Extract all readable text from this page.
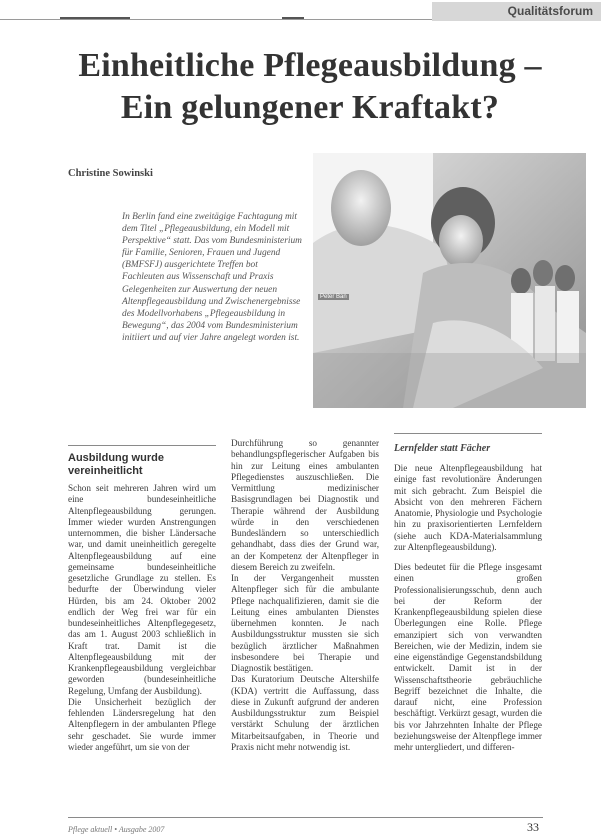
Qualitätsforum
Einheitliche Pflegeausbildung –
Ein gelungener Kraftakt?
Christine Sowinski
In Berlin fand eine zweitägige Fachtagung mit dem Titel „Pflegeausbildung, ein Modell mit Perspektive“ statt. Das vom Bundesministerium für Familie, Senioren, Frauen und Jugend (BMFSFJ) ausgerichtete Treffen bot Fachleuten aus Wissenschaft und Praxis Gelegenheiten zur Auswertung der neuen Altenpflegeausbildung und Zwischenergebnisse des Modellvorhabens „Pflegeausbildung in Bewegung“, das 2004 vom Bundesministerium initiiert und auf vier Jahre angelegt worden ist.
Peter Ban
Ausbildung wurde vereinheitlicht

Schon seit mehreren Jahren wird um eine bundeseinheitliche Altenpflegeausbildung gerungen. Immer wieder wurden Anstrengungen unternommen, die bisher Ländersache war, und damit uneinheitlich geregelte Altenpflegeausbildung auf eine gemeinsame bundeseinheitliche gesetzliche Grundlage zu stellen. Es bedurfte der Überwindung vieler Hürden, bis am 24. Oktober 2002 endlich der Weg frei war für ein bundeseinheitliches Altenpflegegesetz, das am 1. August 2003 schließlich in Kraft trat. Damit ist die Altenpflegeausbildung mit der Krankenpflegeausbildung vergleichbar geworden (bundeseinheitliche Regelung, Umfang der Ausbildung).

Die Unsicherheit bezüglich der fehlenden Ländersregelung hat den Altenpflegern in der ambulanten Pflege sehr geschadet. Sie wurde immer wieder angeführt, um sie von der

Durchführung so genannter behandlungspflegerischer Aufgaben bis hin zur Leitung eines ambulanten Pflegedienstes auszuschließen. Die Vermittlung medizinischer Basisgrundlagen bei Diagnostik und Therapie während der Ausbildung würde in den verschiedenen Bundesländern so unterschiedlich gehandhabt, dass dies der Grund war, an der Kompetenz der Altenpfleger in diesem Bereich zu zweifeln.

In der Vergangenheit mussten Altenpfleger sich für die ambulante Pflege nachqualifizieren, damit sie die Leitung eines ambulanten Dienstes übernehmen konnten. Je nach Ausbildungsstruktur mussten sie sich bezüglich ärztlicher Maßnahmen insbesondere bei Therapie und Diagnostik bestätigen.

Das Kuratorium Deutsche Altershilfe (KDA) vertritt die Auffassung, dass diese in Zukunft aufgrund der anderen Ausbildungsstruktur zum Beispiel verstärkt Schulung der ärztlichen Mitarbeitsaufgaben, in Theorie und Praxis nicht mehr notwendig ist.

Lernfelder statt Fächer

Die neue Altenpflegeausbildung hat einige fast revolutionäre Änderungen mit sich gebracht. Zum Beispiel die Absicht von den mehreren Fächern Anatomie, Physiologie und Psychologie hin zu praxisorientierten Lernfeldern (siehe auch KDA-Materialsammlung zur Altenpflegeausbildung).

Dies bedeutet für die Pflege insgesamt einen großen Professionalisierungsschub, denn auch bei der Reform der Krankenpflegeausbildung spielen diese Überlegungen eine Rolle. Pflege emanzipiert sich von verwandten Bereichen, wie der Medizin, indem sie eine eigenständige Gegenstandsbildung entwickelt. Damit ist in der Wissenschaftstheorie gebräuchliche Begriff bezeichnet die Inhalte, die darauf nicht, eine Profession beschäftigt. Verkürzt gesagt, wurden die bis vor Jahrzehnten Inhalte der Pflege beziehungsweise der Altenpflege immer mehr untergliedert, und differen-

Pflege aktuell • Ausgabe 2007	33
